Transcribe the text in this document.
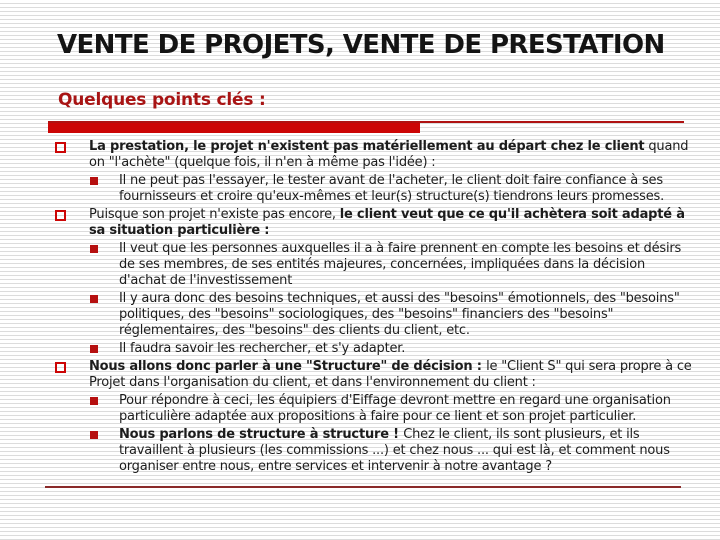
VENTE DE PROJETS, VENTE DE PRESTATION
Quelques points clés :
La prestation, le projet n'existent pas matériellement au départ chez le client quand on "l'achète" (quelque fois, il n'en à même pas l'idée) :
Il ne peut pas l'essayer, le tester avant de l'acheter, le client doit faire confiance à ses fournisseurs et croire qu'eux-mêmes et leur(s) structure(s) tiendrons leurs promesses.
Puisque son projet n'existe pas encore, le client veut que ce qu'il achètera soit adapté à sa situation particulière :
Il veut que les personnes auxquelles il a à faire prennent en compte les besoins et désirs de ses membres, de ses entités majeures, concernées, impliquées dans la décision d'achat de l'investissement
Il y aura donc des besoins techniques, et aussi des "besoins" émotionnels, des "besoins" politiques, des "besoins" sociologiques, des "besoins" financiers des "besoins" réglementaires, des "besoins" des clients du client, etc.
Il faudra savoir les rechercher, et s'y adapter.
Nous allons donc parler à une "Structure" de décision : le "Client S" qui sera propre à ce Projet dans l'organisation du client, et dans l'environnement du client :
Pour répondre à ceci, les équipiers d'Eiffage devront mettre en regard une organisation particulière adaptée aux propositions à faire pour ce lient et son projet particulier.
Nous parlons de structure à structure ! Chez le client, ils sont plusieurs, et ils travaillent à plusieurs (les commissions ...) et chez nous ... qui est là, et comment nous organiser entre nous, entre services et intervenir à notre avantage ?
